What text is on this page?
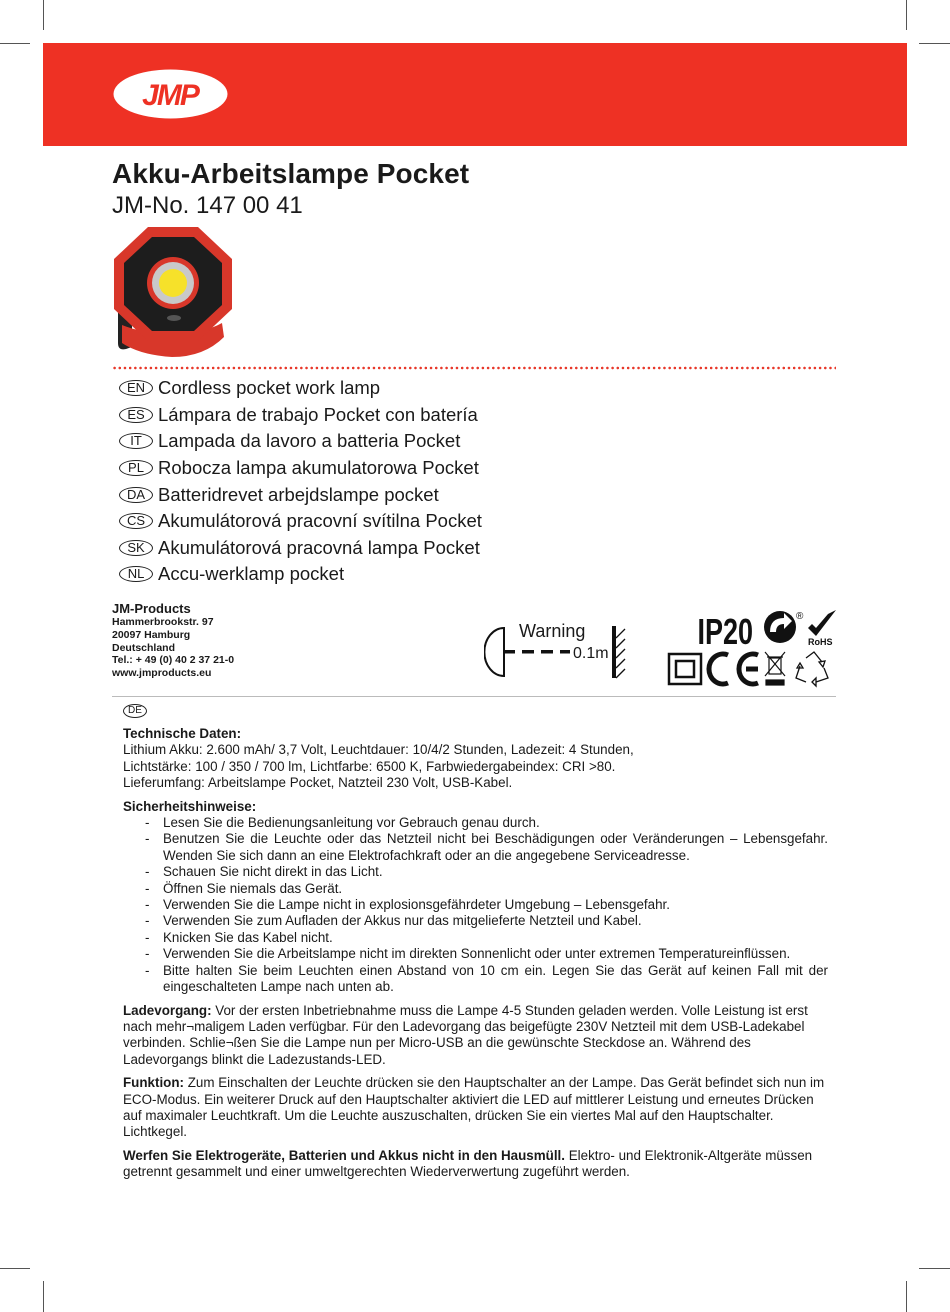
JMP
Akku-Arbeitslampe Pocket
JM-No. 147 00 41
EN Cordless pocket work lamp
ES Lámpara de trabajo Pocket con batería
IT Lampada da lavoro a batteria Pocket
PL Robocza lampa akumulatorowa Pocket
DA Batteridrevet arbejdslampe pocket
CS Akumulátorová pracovní svítilna Pocket
SK Akumulátorová pracovná lampa Pocket
NL Accu-werklamp pocket
JM-Products
Hammerbrookstr. 97
20097 Hamburg
Deutschland
Tel.: + 49 (0) 40 2 37 21-0
www.jmproducts.eu
Warning
0.1m
IP20	®
RoHS
DE
Technische Daten:
Lithium Akku: 2.600 mAh/ 3,7 Volt, Leuchtdauer: 10/4/2 Stunden, Ladezeit: 4 Stunden,
Lichtstärke: 100 / 350 / 700 lm, Lichtfarbe: 6500 K, Farbwiedergabeindex: CRI >80.
Lieferumfang: Arbeitslampe Pocket, Natzteil 230 Volt, USB-Kabel.
Sicherheitshinweise:
- Lesen Sie die Bedienungsanleitung vor Gebrauch genau durch.
- Benutzen Sie die Leuchte oder das Netzteil nicht bei Beschädigungen oder Veränderungen – Lebensgefahr. Wenden Sie sich dann an eine Elektrofachkraft oder an die angegebene Serviceadresse.
- Schauen Sie nicht direkt in das Licht.
- Öffnen Sie niemals das Gerät.
- Verwenden Sie die Lampe nicht in explosionsgefährdeter Umgebung – Lebensgefahr.
- Verwenden Sie zum Aufladen der Akkus nur das mitgelieferte Netzteil und Kabel.
- Knicken Sie das Kabel nicht.
- Verwenden Sie die Arbeitslampe nicht im direkten Sonnenlicht oder unter extremen Temperatureinflüssen.
- Bitte halten Sie beim Leuchten einen Abstand von 10 cm ein. Legen Sie das Gerät auf keinen Fall mit der eingeschalteten Lampe nach unten ab.

Ladevorgang: Vor der ersten Inbetriebnahme muss die Lampe 4-5 Stunden geladen werden. Volle Leistung ist erst nach mehr¬maligem Laden verfügbar. Für den Ladevorgang das beigefügte 230V Netzteil mit dem USB-Ladekabel verbinden. Schlie¬ßen Sie die Lampe nun per Micro-USB an die gewünschte Steckdose an. Während des Ladevorgangs blinkt die Ladezustands-LED.

Funktion: Zum Einschalten der Leuchte drücken sie den Hauptschalter an der Lampe. Das Gerät befindet sich nun im ECO-Modus. Ein weiterer Druck auf den Hauptschalter aktiviert die LED auf mittlerer Leistung und erneutes Drücken auf maximaler Leuchtkraft. Um die Leuchte auszuschalten, drücken Sie ein viertes Mal auf den Hauptschalter. Lichtkegel.

Werfen Sie Elektrogeräte, Batterien und Akkus nicht in den Hausmüll. Elektro- und Elektronik-Altgeräte müssen getrennt gesammelt und einer umweltgerechten Wiederverwertung zugeführt werden.
